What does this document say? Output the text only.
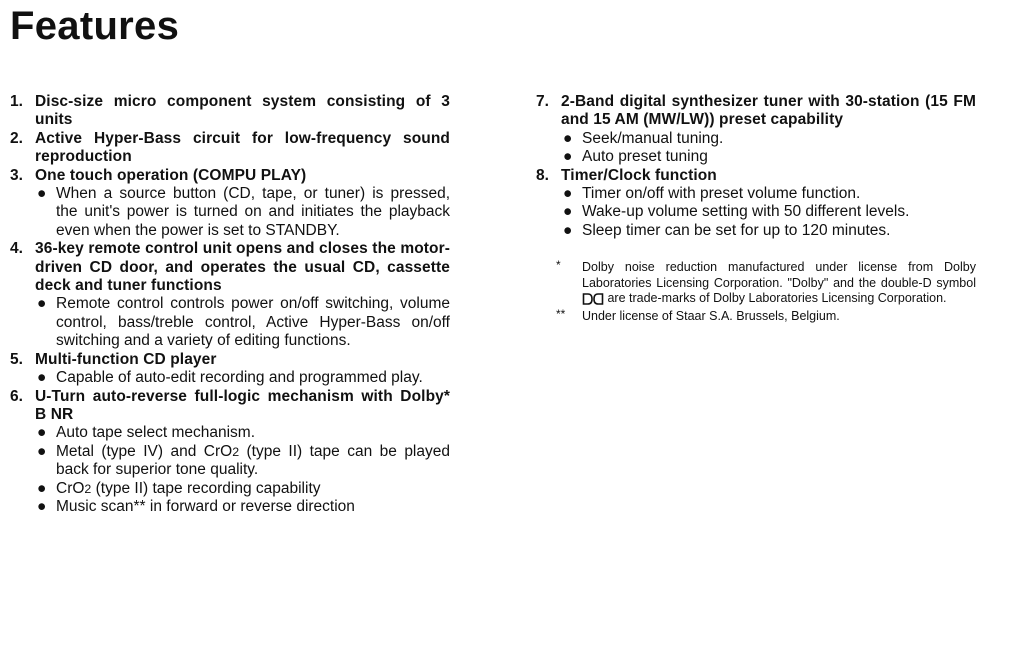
Features
1. Disc-size micro component system consisting of 3 units
2. Active Hyper-Bass circuit for low-frequency sound reproduction
3. One touch operation (COMPU PLAY)
● When a source button (CD, tape, or tuner) is pressed, the unit's power is turned on and initiates the playback even when the power is set to STANDBY.
4. 36-key remote control unit opens and closes the motor-driven CD door, and operates the usual CD, cassette deck and tuner functions
● Remote control controls power on/off switching, volume control, bass/treble control, Active Hyper-Bass on/off switching and a variety of editing functions.
5. Multi-function CD player
● Capable of auto-edit recording and programmed play.
6. U-Turn auto-reverse full-logic mechanism with Dolby* B NR
● Auto tape select mechanism.
● Metal (type IV) and CrO2 (type II) tape can be played back for superior tone quality.
● CrO2 (type II) tape recording capability
● Music scan** in forward or reverse direction
7. 2-Band digital synthesizer tuner with 30-station (15 FM and 15 AM (MW/LW)) preset capability
● Seek/manual tuning.
● Auto preset tuning
8. Timer/Clock function
● Timer on/off with preset volume function.
● Wake-up volume setting with 50 different levels.
● Sleep timer can be set for up to 120 minutes.
* Dolby noise reduction manufactured under license from Dolby Laboratories Licensing Corporation. "Dolby" and the double-D symbol  are trade-marks of Dolby Laboratories Licensing Corporation.
** Under license of Staar S.A. Brussels, Belgium.
